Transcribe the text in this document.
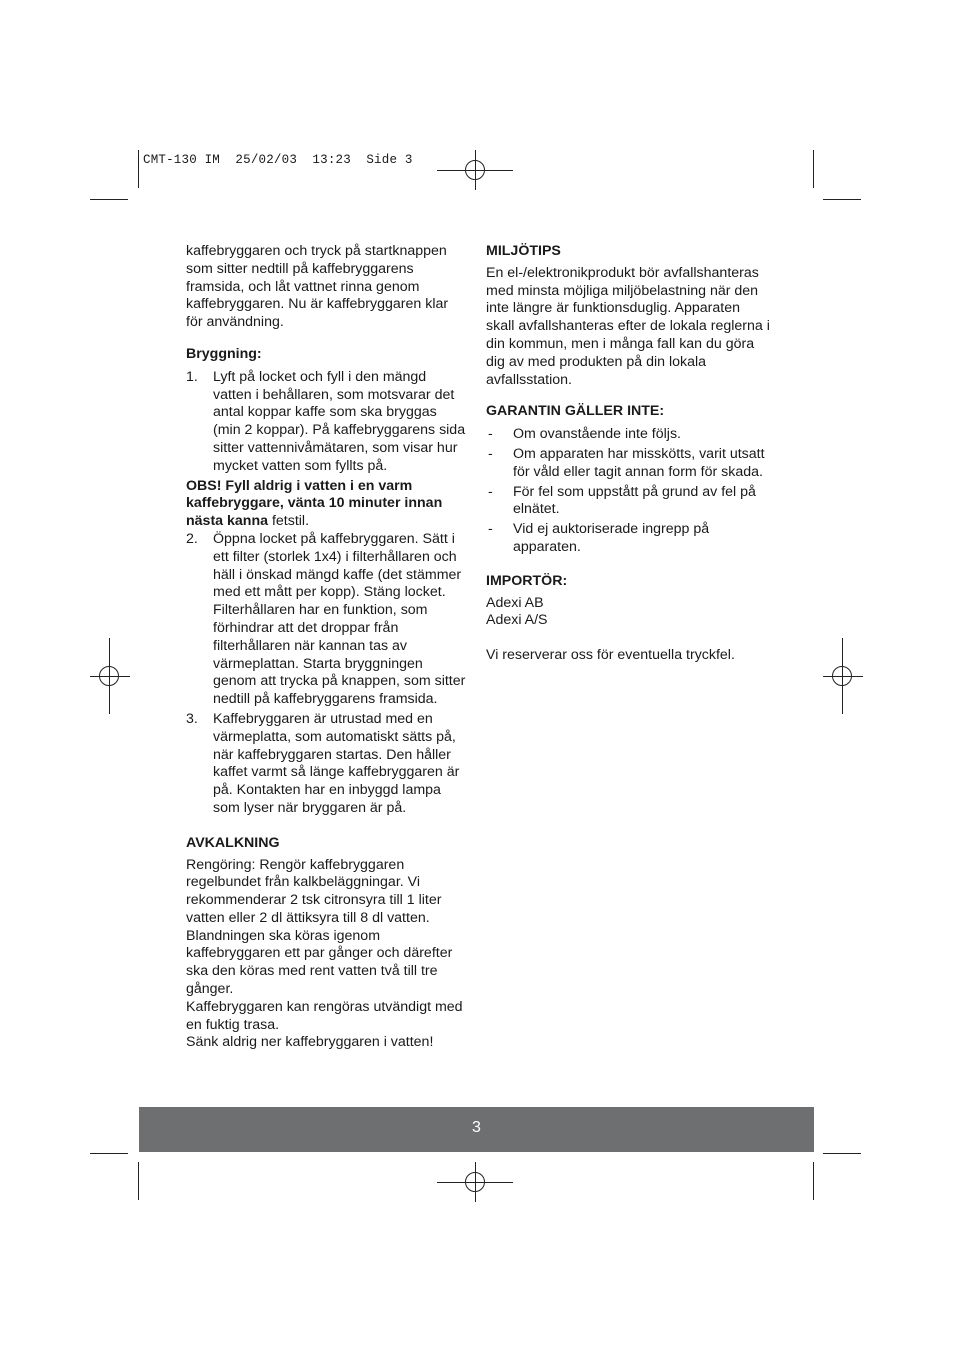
CMT-130 IM  25/02/03  13:23  Side 3

kaffebryggaren och tryck på startknappen som sitter nedtill på kaffebryggarens framsida, och låt vattnet rinna genom kaffebryggaren. Nu är kaffebryggaren klar för användning.

Bryggning:

1. Lyft på locket och fyll i den mängd vatten i behållaren, som motsvarar det antal koppar kaffe som ska bryggas (min 2 koppar). På kaffebryggarens sida sitter vattennivåmätaren, som visar hur mycket vatten som fyllts på.

OBS! Fyll aldrig i vatten i en varm kaffebryggare, vänta 10 minuter innan nästa kanna fetstil.

2. Öppna locket på kaffebryggaren. Sätt i ett filter (storlek 1x4) i filterhållaren och häll i önskad mängd kaffe (det stämmer med ett mått per kopp). Stäng locket. Filterhållaren har en funktion, som förhindrar att det droppar från filterhållaren när kannan tas av värmeplattan. Starta bryggningen genom att trycka på knappen, som sitter nedtill på kaffebryggarens framsida.
3. Kaffebryggaren är utrustad med en värmeplatta, som automatiskt sätts på, när kaffebryggaren startas. Den håller kaffet varmt så länge kaffebryggaren är på. Kontakten har en inbyggd lampa som lyser när bryggaren är på.

AVKALKNING

Rengöring: Rengör kaffebryggaren regelbundet från kalkbeläggningar. Vi rekommenderar 2 tsk citronsyra till 1 liter vatten eller 2 dl ättiksyra till 8 dl vatten. Blandningen ska köras igenom kaffebryggaren ett par gånger och därefter ska den köras med rent vatten två till tre gånger.

Kaffebryggaren kan rengöras utvändigt med en fuktig trasa.

Sänk aldrig ner kaffebryggaren i vatten!

MILJÖTIPS

En el-/elektronikprodukt bör avfallshanteras med minsta möjliga miljöbelastning när den inte längre är funktionsduglig. Apparaten skall avfallshanteras efter de lokala reglerna i din kommun, men i många fall kan du göra dig av med produkten på din lokala avfallsstation.

GARANTIN GÄLLER INTE:

- Om ovanstående inte följs.
- Om apparaten har misskötts, varit utsatt för våld eller tagit annan form för skada.
- För fel som uppstått på grund av fel på elnätet.
- Vid ej auktoriserade ingrepp på apparaten.

IMPORTÖR:

Adexi AB

Adexi A/S

Vi reserverar oss för eventuella tryckfel.

3
